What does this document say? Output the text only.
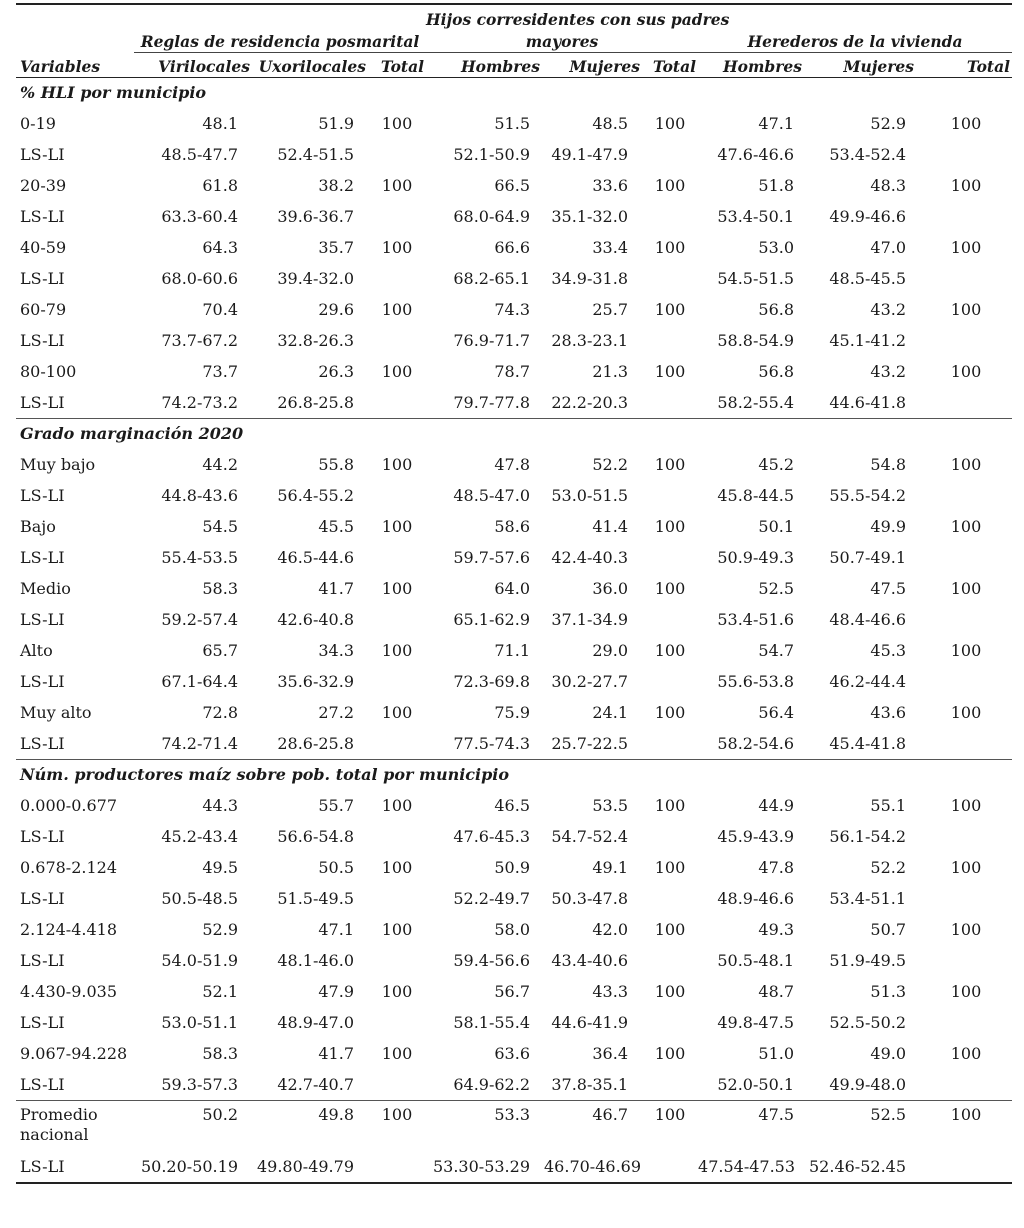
				Hijos corresidentes con sus padres					
	Reglas de residencia posmarital			mayores			Herederos de la vivienda		
Variables	Virilocales	Uxorilocales	Total	Hombres	Mujeres	Total	Hombres	Mujeres	Total
% HLI por municipio									
0-19	48.1	51.9	100	51.5	48.5	100	47.1	52.9	100
LS-LI	48.5-47.7	52.4-51.5		52.1-50.9	49.1-47.9		47.6-46.6	53.4-52.4	
20-39	61.8	38.2	100	66.5	33.6	100	51.8	48.3	100
LS-LI	63.3-60.4	39.6-36.7		68.0-64.9	35.1-32.0		53.4-50.1	49.9-46.6	
40-59	64.3	35.7	100	66.6	33.4	100	53.0	47.0	100
LS-LI	68.0-60.6	39.4-32.0		68.2-65.1	34.9-31.8		54.5-51.5	48.5-45.5	
60-79	70.4	29.6	100	74.3	25.7	100	56.8	43.2	100
LS-LI	73.7-67.2	32.8-26.3		76.9-71.7	28.3-23.1		58.8-54.9	45.1-41.2	
80-100	73.7	26.3	100	78.7	21.3	100	56.8	43.2	100
LS-LI	74.2-73.2	26.8-25.8		79.7-77.8	22.2-20.3		58.2-55.4	44.6-41.8	
Grado marginación 2020									
Muy bajo	44.2	55.8	100	47.8	52.2	100	45.2	54.8	100
LS-LI	44.8-43.6	56.4-55.2		48.5-47.0	53.0-51.5		45.8-44.5	55.5-54.2	
Bajo	54.5	45.5	100	58.6	41.4	100	50.1	49.9	100
LS-LI	55.4-53.5	46.5-44.6		59.7-57.6	42.4-40.3		50.9-49.3	50.7-49.1	
Medio	58.3	41.7	100	64.0	36.0	100	52.5	47.5	100
LS-LI	59.2-57.4	42.6-40.8		65.1-62.9	37.1-34.9		53.4-51.6	48.4-46.6	
Alto	65.7	34.3	100	71.1	29.0	100	54.7	45.3	100
LS-LI	67.1-64.4	35.6-32.9		72.3-69.8	30.2-27.7		55.6-53.8	46.2-44.4	
Muy alto	72.8	27.2	100	75.9	24.1	100	56.4	43.6	100
LS-LI	74.2-71.4	28.6-25.8		77.5-74.3	25.7-22.5		58.2-54.6	45.4-41.8	
Núm. productores maíz sobre pob. total por municipio									
0.000-0.677	44.3	55.7	100	46.5	53.5	100	44.9	55.1	100
LS-LI	45.2-43.4	56.6-54.8		47.6-45.3	54.7-52.4		45.9-43.9	56.1-54.2	
0.678-2.124	49.5	50.5	100	50.9	49.1	100	47.8	52.2	100
LS-LI	50.5-48.5	51.5-49.5		52.2-49.7	50.3-47.8		48.9-46.6	53.4-51.1	
2.124-4.418	52.9	47.1	100	58.0	42.0	100	49.3	50.7	100
LS-LI	54.0-51.9	48.1-46.0		59.4-56.6	43.4-40.6		50.5-48.1	51.9-49.5	
4.430-9.035	52.1	47.9	100	56.7	43.3	100	48.7	51.3	100
LS-LI	53.0-51.1	48.9-47.0		58.1-55.4	44.6-41.9		49.8-47.5	52.5-50.2	
9.067-94.228	58.3	41.7	100	63.6	36.4	100	51.0	49.0	100
LS-LI	59.3-57.3	42.7-40.7		64.9-62.2	37.8-35.1		52.0-50.1	49.9-48.0	
Promedio nacional	50.2	49.8	100	53.3	46.7	100	47.5	52.5	100
LS-LI	50.20-50.19	49.80-49.79		53.30-53.29	46.70-46.69		47.54-47.53	52.46-52.45	
